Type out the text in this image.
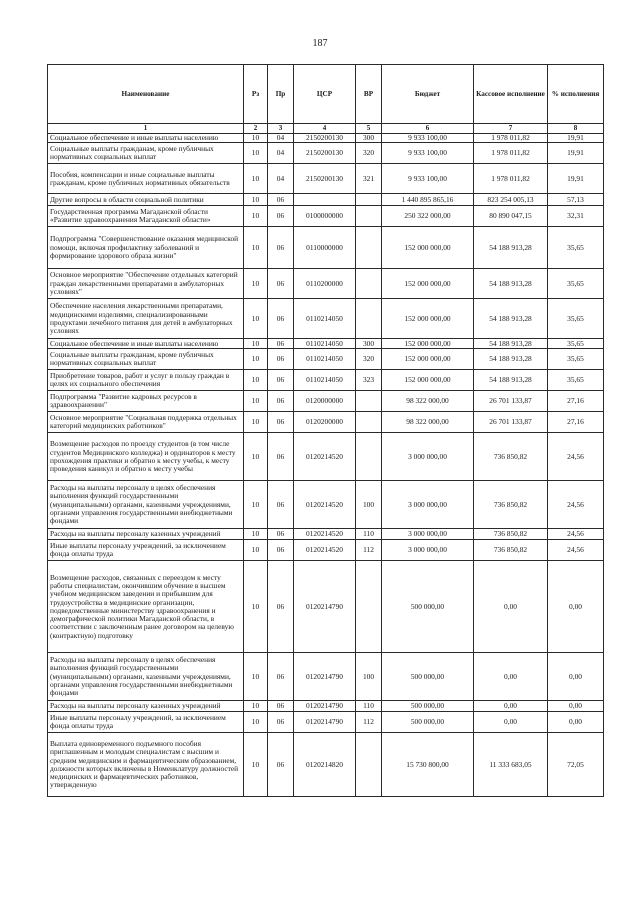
187
Наименование	Рз	Пр	ЦСР	ВР	Бюджет	Кассовое исполнение	% исполнения
1	2	3	4	5	6	7	8
Социальное обеспечение и иные выплаты населению	10	04	2150200130	300	9 933 100,00	1 978 011,82	19,91
Социальные выплаты гражданам, кроме публичных нормативных социальных выплат	10	04	2150200130	320	9 933 100,00	1 978 011,82	19,91
Пособия, компенсации и иные социальные выплаты гражданам, кроме публичных нормативных обязательств	10	04	2150200130	321	9 933 100,00	1 978 011,82	19,91
Другие вопросы в области социальной политики	10	06			1 440 895 865,16	823 254 005,13	57,13
Государственная программа Магаданской области «Развитие здравоохранения Магаданской области»	10	06	0100000000		250 322 000,00	80 890 047,15	32,31
Подпрограмма "Совершенствование оказания медицинской помощи, включая профилактику заболеваний и формирование здорового образа жизни"	10	06	0110000000		152 000 000,00	54 188 913,28	35,65
Основное мероприятие "Обеспечение отдельных категорий граждан лекарственными препаратами в амбулаторных условиях"	10	06	0110200000		152 000 000,00	54 188 913,28	35,65
Обеспечение населения лекарственными препаратами, медицинскими изделиями, специализированными продуктами лечебного питания для детей в амбулаторных условиях	10	06	0110214050		152 000 000,00	54 188 913,28	35,65
Социальное обеспечение и иные выплаты населению	10	06	0110214050	300	152 000 000,00	54 188 913,28	35,65
Социальные выплаты гражданам, кроме публичных нормативных социальных выплат	10	06	0110214050	320	152 000 000,00	54 188 913,28	35,65
Приобретение товаров, работ и услуг в пользу граждан в целях их социального обеспечения	10	06	0110214050	323	152 000 000,00	54 188 913,28	35,65
Подпрограмма "Развитие кадровых ресурсов в здравоохранении"	10	06	0120000000		98 322 000,00	26 701 133,87	27,16
Основное мероприятие "Социальная поддержка отдельных категорий медицинских работников"	10	06	0120200000		98 322 000,00	26 701 133,87	27,16
Возмещение расходов по проезду студентов (в том числе студентов Медицинского колледжа) и ординаторов к месту прохождения практики и обратно к месту учебы, к месту проведения каникул и обратно к месту учебы	10	06	0120214520		3 000 000,00	736 850,82	24,56
Расходы на выплаты персоналу в целях обеспечения выполнения функций государственными (муниципальными) органами, казенными учреждениями, органами управления государственными внебюджетными фондами	10	06	0120214520	100	3 000 000,00	736 850,82	24,56
Расходы на выплаты персоналу казенных учреждений	10	06	0120214520	110	3 000 000,00	736 850,82	24,56
Иные выплаты персоналу учреждений, за исключением фонда оплаты труда	10	06	0120214520	112	3 000 000,00	736 850,82	24,56
Возмещение расходов, связанных с переездом к месту работы специалистам, окончившим обучение в высшем учебном медицинском заведении и прибывшим для трудоустройства в медицинские организации, подведомственные министерству здравоохранения и демографической политики Магаданской области, в соответствии с заключенным ранее договором на целевую (контрактную) подготовку	10	06	0120214790		500 000,00	0,00	0,00
Расходы на выплаты персоналу в целях обеспечения выполнения функций государственными (муниципальными) органами, казенными учреждениями, органами управления государственными внебюджетными фондами	10	06	0120214790	100	500 000,00	0,00	0,00
Расходы на выплаты персоналу казенных учреждений	10	06	0120214790	110	500 000,00	0,00	0,00
Иные выплаты персоналу учреждений, за исключением фонда оплаты труда	10	06	0120214790	112	500 000,00	0,00	0,00
Выплата единовременного подъемного пособия приглашенным и молодым специалистам с высшим и средним медицинским и фармацевтическим образованием, должности которых включены в Номенклатуру должностей медицинских и фармацевтических работников, утвержденную	10	06	0120214820		15 730 800,00	11 333 683,05	72,05
